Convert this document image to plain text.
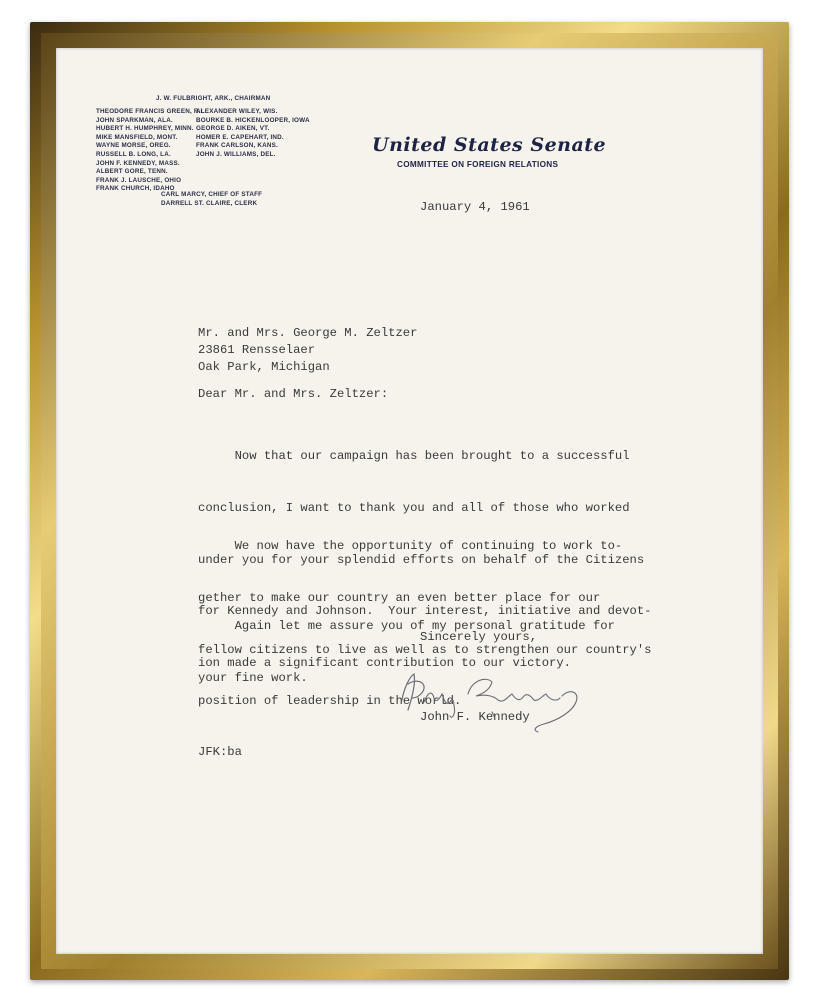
J. W. FULBRIGHT, ARK., CHAIRMAN
THEODORE FRANCIS GREEN, R.I.
JOHN SPARKMAN, ALA.
HUBERT H. HUMPHREY, MINN.
MIKE MANSFIELD, MONT.
WAYNE MORSE, OREG.
RUSSELL B. LONG, LA.
JOHN F. KENNEDY, MASS.
ALBERT GORE, TENN.
FRANK J. LAUSCHE, OHIO
FRANK CHURCH, IDAHO
ALEXANDER WILEY, WIS.
BOURKE B. HICKENLOOPER, IOWA
GEORGE D. AIKEN, VT.
HOMER E. CAPEHART, IND.
FRANK CARLSON, KANS.
JOHN J. WILLIAMS, DEL.
CARL MARCY, CHIEF OF STAFF
DARRELL ST. CLAIRE, CLERK
United States Senate
COMMITTEE ON FOREIGN RELATIONS
January 4, 1961
Mr. and Mrs. George M. Zeltzer
23861 Rensselaer
Oak Park, Michigan
Dear Mr. and Mrs. Zeltzer:

Now that our campaign has been brought to a successful

conclusion, I want to thank you and all of those who worked

under you for your splendid efforts on behalf of the Citizens

for Kennedy and Johnson.  Your interest, initiative and devot-

ion made a significant contribution to our victory.

We now have the opportunity of continuing to work to-

gether to make our country an even better place for our

fellow citizens to live as well as to strengthen our country's

position of leadership in the world.

Again let me assure you of my personal gratitude for

your fine work.

Sincerely yours,
John F. Kennedy
JFK:ba
